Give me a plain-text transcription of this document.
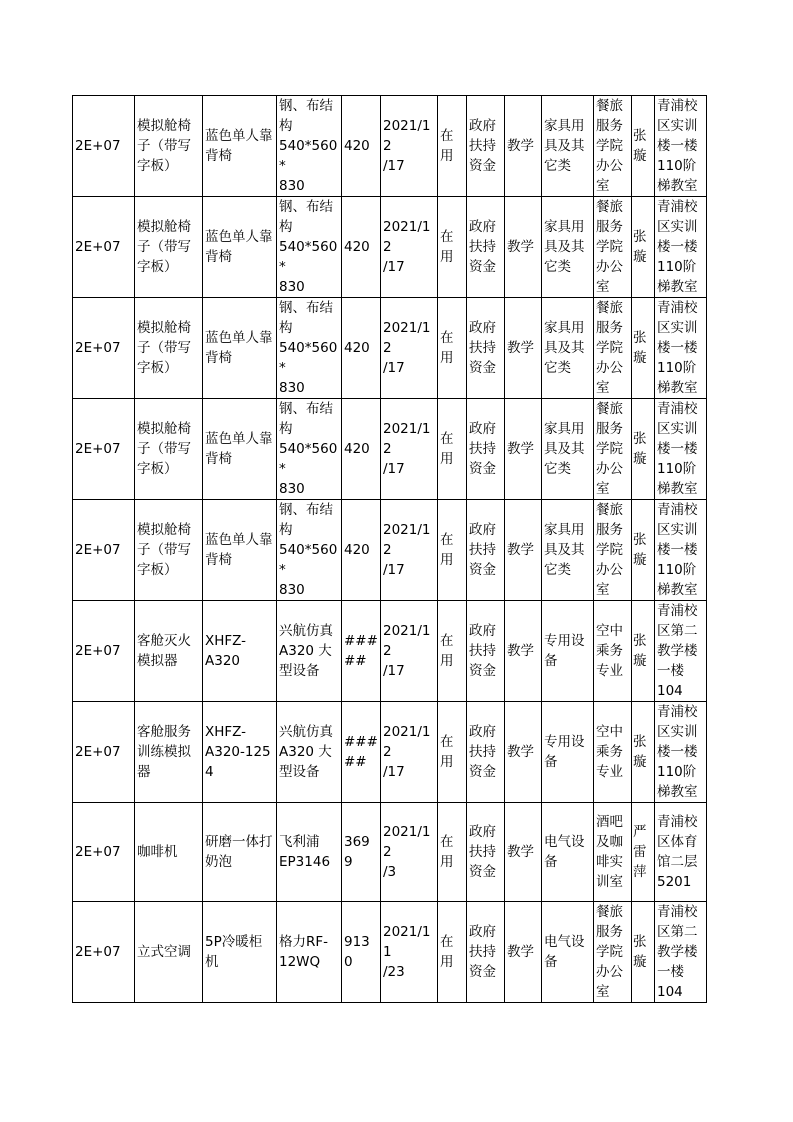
2E+07	模拟舱椅
子（带写
字板）	蓝色单人靠
背椅	钢、布结
构
540*560*
830	420	2021/12
/17	在用	政府
扶持
资金	教学	家具用
具及其
它类	餐旅
服务
学院
办公
室	张
璇	青浦校
区实训
楼一楼
110阶
梯教室

2E+07	模拟舱椅
子（带写
字板）	蓝色单人靠
背椅	钢、布结
构
540*560*
830	420	2021/12
/17	在用	政府
扶持
资金	教学	家具用
具及其
它类	餐旅
服务
学院
办公
室	张
璇	青浦校
区实训
楼一楼
110阶
梯教室

2E+07	模拟舱椅
子（带写
字板）	蓝色单人靠
背椅	钢、布结
构
540*560*
830	420	2021/12
/17	在用	政府
扶持
资金	教学	家具用
具及其
它类	餐旅
服务
学院
办公
室	张
璇	青浦校
区实训
楼一楼
110阶
梯教室

2E+07	模拟舱椅
子（带写
字板）	蓝色单人靠
背椅	钢、布结
构
540*560*
830	420	2021/12
/17	在用	政府
扶持
资金	教学	家具用
具及其
它类	餐旅
服务
学院
办公
室	张
璇	青浦校
区实训
楼一楼
110阶
梯教室

2E+07	模拟舱椅
子（带写
字板）	蓝色单人靠
背椅	钢、布结
构
540*560*
830	420	2021/12
/17	在用	政府
扶持
资金	教学	家具用
具及其
它类	餐旅
服务
学院
办公
室	张
璇	青浦校
区实训
楼一楼
110阶
梯教室

2E+07	客舱灭火
模拟器	XHFZ-
A320	兴航仿真
A320 大
型设备	#####	2021/12
/17	在用	政府
扶持
资金	教学	专用设
备	空中
乘务
专业	张
璇	青浦校
区第二
教学楼
一楼
104

2E+07	客舱服务
训练模拟
器	XHFZ-
A320-1254	兴航仿真
A320 大
型设备	#####	2021/12
/17	在用	政府
扶持
资金	教学	专用设
备	空中
乘务
专业	张
璇	青浦校
区实训
楼一楼
110阶
梯教室

2E+07	咖啡机	研磨一体打
奶泡	飞利浦
EP3146	3699	2021/12
/3	在用	政府
扶持
资金	教学	电气设
备	酒吧
及咖
啡实
训室	严
雷
萍	青浦校
区体育
馆二层
5201

2E+07	立式空调	5P冷暖柜
机	格力RF-
12WQ	9130	2021/11
/23	在用	政府
扶持
资金	教学	电气设
备	餐旅
服务
学院
办公
室	张
璇	青浦校
区第二
教学楼
一楼
104
